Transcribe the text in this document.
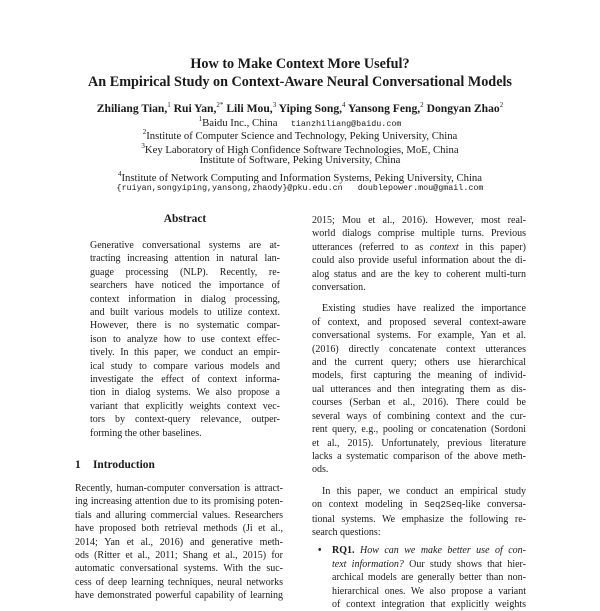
How to Make Context More Useful?
An Empirical Study on Context-Aware Neural Conversational Models
Zhiliang Tian,$^1$ Rui Yan,$^{2*}$ Lili Mou,$^3$ Yiping Song,$^4$ Yansong Feng,$^2$ Dongyan Zhao$^2$
$^1$Baidu Inc., China tianzhiliang@baidu.com
$^2$Institute of Computer Science and Technology, Peking University, China
$^3$Key Laboratory of High Confidence Software Technologies, MoE, China
Institute of Software, Peking University, China
$^4$Institute of Network Computing and Information Systems, Peking University, China
{ruiyan,songyiping,yansong,zhaody}@pku.edu.cn   doublepower.mou@gmail.com
Abstract
Generative conversational systems are at-
tracting increasing attention in natural lan-
guage processing (NLP). Recently, re-
searchers have noticed the importance of
context information in dialog processing,
and built various models to utilize context.
However, there is no systematic compar-
ison to analyze how to use context effec-
tively. In this paper, we conduct an empir-
ical study to compare various models and
investigate the effect of context informa-
tion in dialog systems. We also propose a
variant that explicitly weights context vec-
tors by context-query relevance, outper-
forming the other baselines.
1 Introduction
Recently, human-computer conversation is attract-
ing increasing attention due to its promising poten-
tials and alluring commercial values. Researchers
have proposed both retrieval methods (Ji et al.,
2014; Yan et al., 2016) and generative meth-
ods (Ritter et al., 2011; Shang et al., 2015) for
automatic conversational systems. With the suc-
cess of deep learning techniques, neural networks
have demonstrated powerful capability of learning
2015; Mou et al., 2016). However, most real-
world dialogs comprise multiple turns. Previous
utterances (referred to as context in this paper)
could also provide useful information about the di-
alog status and are the key to coherent multi-turn
conversation.
Existing studies have realized the importance
of context, and proposed several context-aware
conversational systems. For example, Yan et al.
(2016) directly concatenate context utterances
and the current query; others use hierarchical
models, first capturing the meaning of individ-
ual utterances and then integrating them as dis-
courses (Serban et al., 2016). There could be
several ways of combining context and the cur-
rent query, e.g., pooling or concatenation (Sordoni
et al., 2015). Unfortunately, previous literature
lacks a systematic comparison of the above meth-
ods.
In this paper, we conduct an empirical study
on context modeling in Seq2Seq-like conversa-
tional systems. We emphasize the following re-
search questions:
• RQ1. How can we make better use of con-
text information? Our study shows that hier-
archical models are generally better than non-
hierarchical ones. We also propose a variant
of context integration that explicitly weights
